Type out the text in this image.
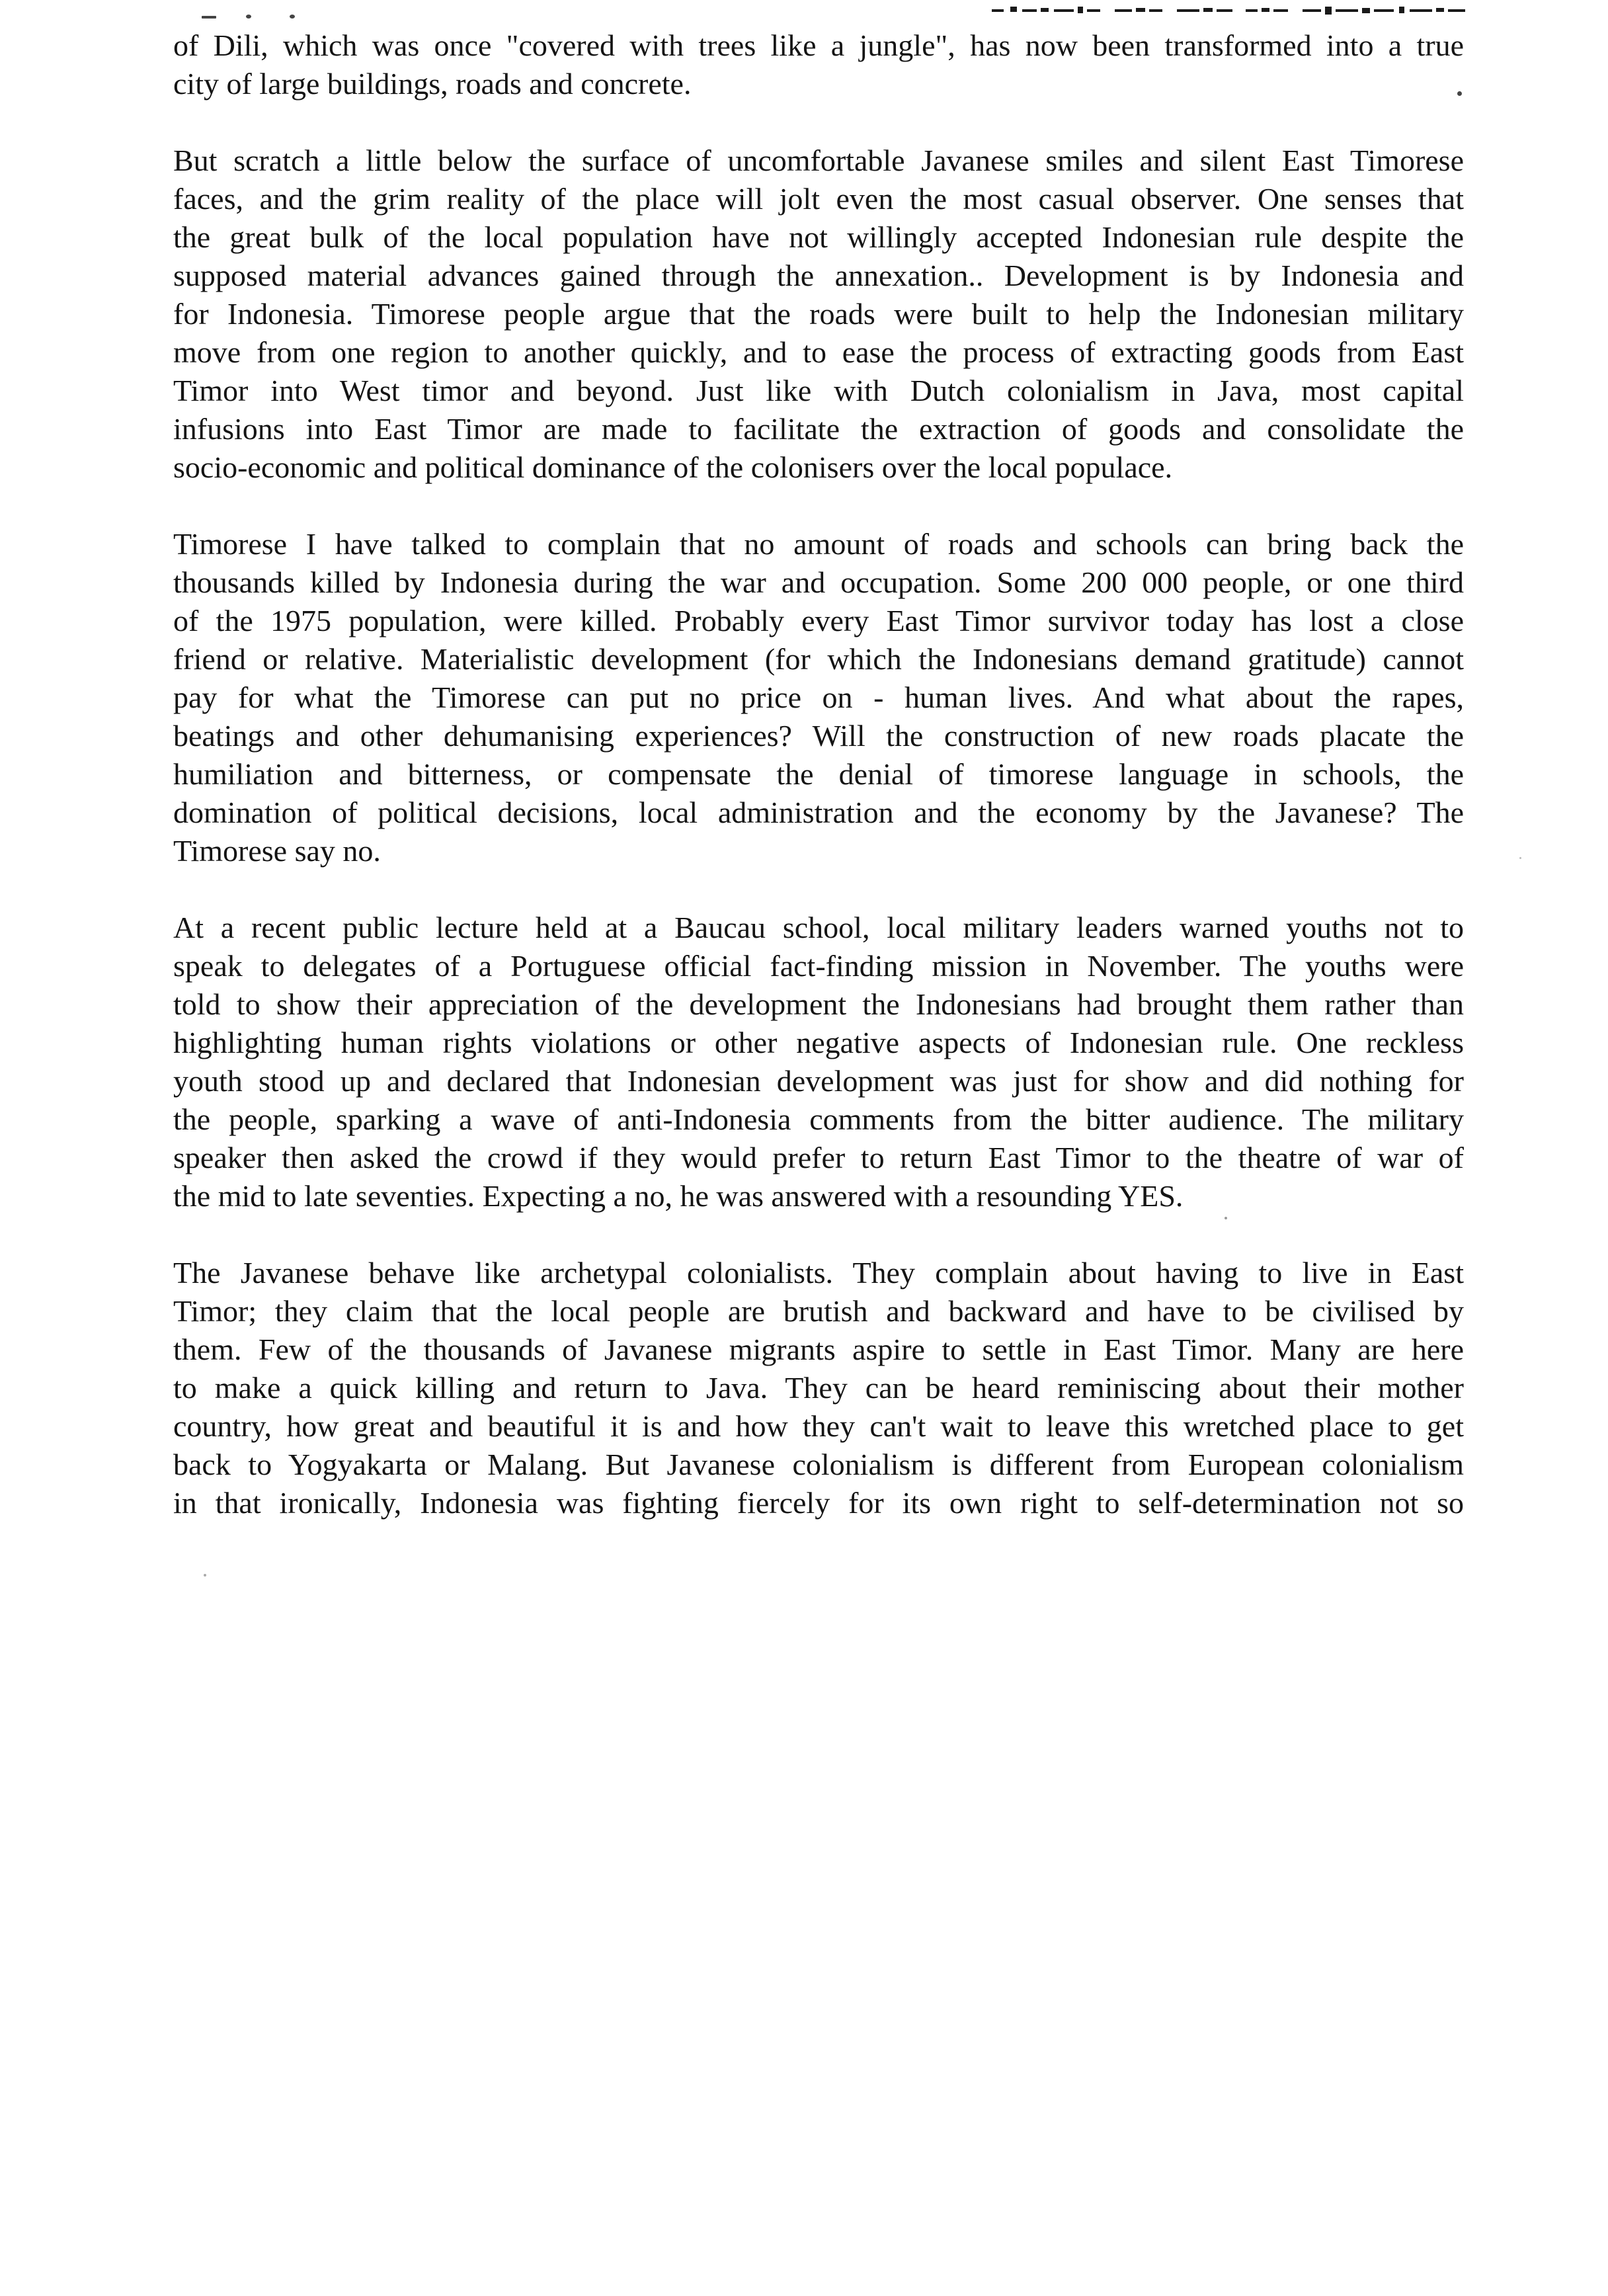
of Dili, which was once "covered with trees like a jungle", has now been transformed into a true
city of large buildings, roads and concrete.

But scratch a little below the surface of uncomfortable Javanese smiles and silent East Timorese
faces, and the grim reality of the place will jolt even the most casual observer. One senses that
the great bulk of the local population have not willingly accepted Indonesian rule despite the
supposed material advances gained through the annexation.. Development is by Indonesia and
for Indonesia. Timorese people argue that the roads were built to help the Indonesian military
move from one region to another quickly, and to ease the process of extracting goods from East
Timor into West timor and beyond. Just like with Dutch colonialism in Java, most capital
infusions into East Timor are made to facilitate the extraction of goods and consolidate the
socio-economic and political dominance of the colonisers over the local populace.

Timorese I have talked to complain that no amount of roads and schools can bring back the
thousands killed by Indonesia during the war and occupation. Some 200 000 people, or one third
of the 1975 population, were killed. Probably every East Timor survivor today has lost a close
friend or relative. Materialistic development (for which the Indonesians demand gratitude) cannot
pay for what the Timorese can put no price on - human lives. And what about the rapes,
beatings and other dehumanising experiences? Will the construction of new roads placate the
humiliation and bitterness, or compensate the denial of timorese language in schools, the
domination of political decisions, local administration and the economy by the Javanese? The
Timorese say no.

At a recent public lecture held at a Baucau school, local military leaders warned youths not to
speak to delegates of a Portuguese official fact-finding mission in November. The youths were
told to show their appreciation of the development the Indonesians had brought them rather than
highlighting human rights violations or other negative aspects of Indonesian rule. One reckless
youth stood up and declared that Indonesian development was just for show and did nothing for
the people, sparking a wave of anti-Indonesia comments from the bitter audience. The military
speaker then asked the crowd if they would prefer to return East Timor to the theatre of war of
the mid to late seventies. Expecting a no, he was answered with a resounding YES.

The Javanese behave like archetypal colonialists. They complain about having to live in East
Timor; they claim that the local people are brutish and backward and have to be civilised by
them. Few of the thousands of Javanese migrants aspire to settle in East Timor. Many are here
to make a quick killing and return to Java. They can be heard reminiscing about their mother
country, how great and beautiful it is and how they can't wait to leave this wretched place to get
back to Yogyakarta or Malang. But Javanese colonialism is different from European colonialism
in that ironically, Indonesia was fighting fiercely for its own right to self-determination not so
